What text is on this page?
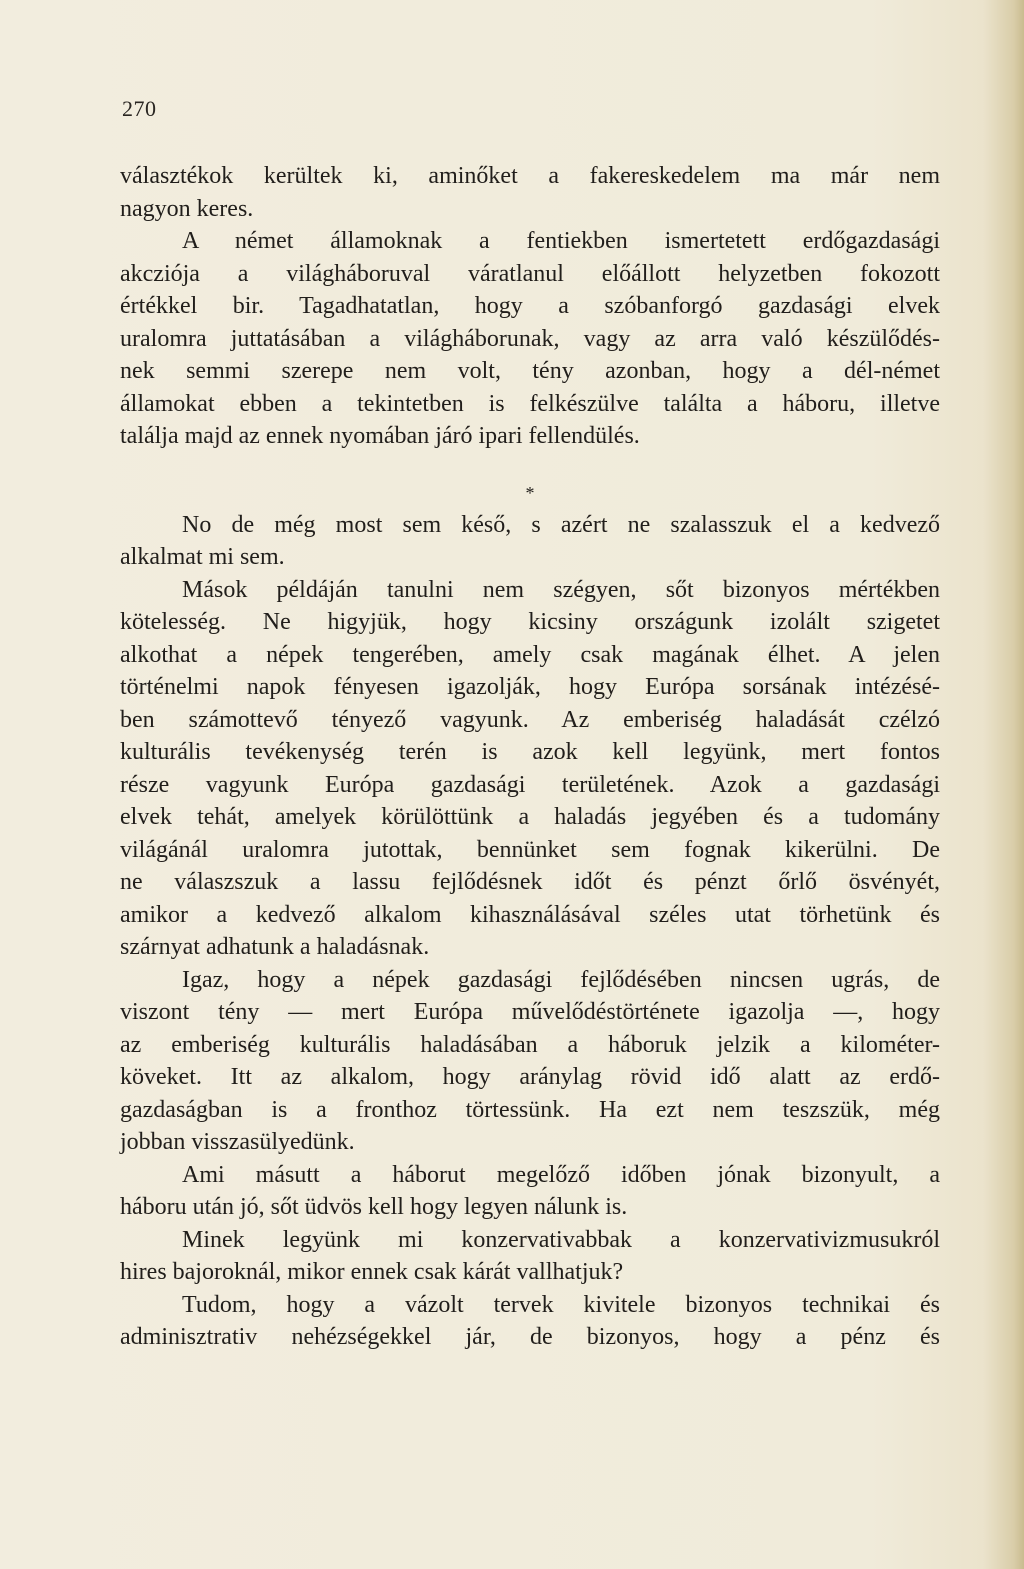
270
választékok kerültek ki, aminőket a fakereskedelem ma már nem
nagyon keres.
A német államoknak a fentiekben ismertetett erdőgazdasági
akcziója a világháboruval váratlanul előállott helyzetben fokozott
értékkel bir. Tagadhatatlan, hogy a szóbanforgó gazdasági elvek
uralomra juttatásában a világháborunak, vagy az arra való készülődés-
nek semmi szerepe nem volt, tény azonban, hogy a dél-német
államokat ebben a tekintetben is felkészülve találta a háboru, illetve
találja majd az ennek nyomában járó ipari fellendülés.
*
No de még most sem késő, s azért ne szalasszuk el a kedvező
alkalmat mi sem.
Mások példáján tanulni nem szégyen, sőt bizonyos mértékben
kötelesség. Ne higyjük, hogy kicsiny országunk izolált szigetet
alkothat a népek tengerében, amely csak magának élhet. A jelen
történelmi napok fényesen igazolják, hogy Európa sorsának intézésé-
ben számottevő tényező vagyunk. Az emberiség haladását czélzó
kulturális tevékenység terén is azok kell legyünk, mert fontos
része vagyunk Európa gazdasági területének. Azok a gazdasági
elvek tehát, amelyek körülöttünk a haladás jegyében és a tudomány
világánál uralomra jutottak, bennünket sem fognak kikerülni. De
ne válaszszuk a lassu fejlődésnek időt és pénzt őrlő ösvényét,
amikor a kedvező alkalom kihasználásával széles utat törhetünk és
szárnyat adhatunk a haladásnak.
Igaz, hogy a népek gazdasági fejlődésében nincsen ugrás, de
viszont tény — mert Európa művelődéstörténete igazolja —, hogy
az emberiség kulturális haladásában a háboruk jelzik a kilométer-
köveket. Itt az alkalom, hogy aránylag rövid idő alatt az erdő-
gazdaságban is a fronthoz törtessünk. Ha ezt nem teszszük, még
jobban visszasülyedünk.
Ami másutt a háborut megelőző időben jónak bizonyult, a
háboru után jó, sőt üdvös kell hogy legyen nálunk is.
Minek legyünk mi konzervativabbak a konzervativizmusukról
hires bajoroknál, mikor ennek csak kárát vallhatjuk?
Tudom, hogy a vázolt tervek kivitele bizonyos technikai és
adminisztrativ nehézségekkel jár, de bizonyos, hogy a pénz és
